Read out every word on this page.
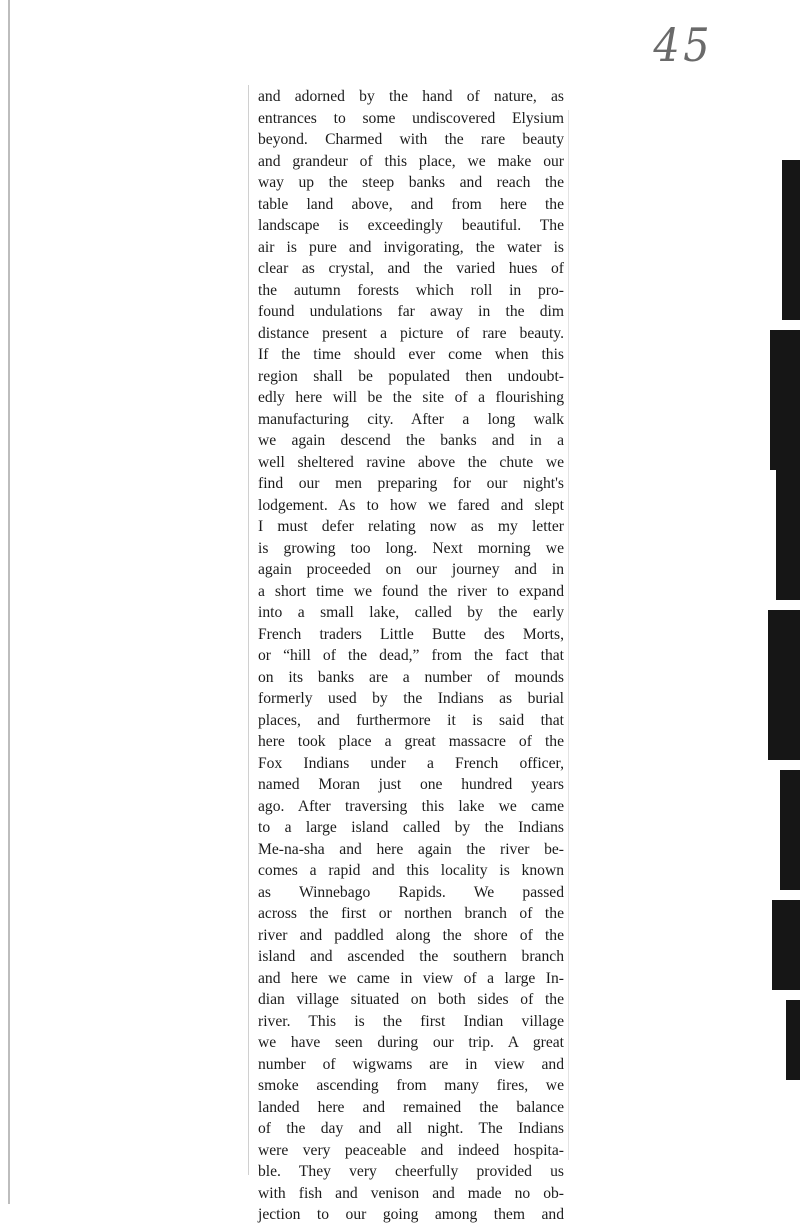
45
and adorned by the hand of nature, as
entrances to some undiscovered Elysium
beyond. Charmed with the rare beauty
and grandeur of this place, we make our
way up the steep banks and reach the
table land above, and from here the
landscape is exceedingly beautiful. The
air is pure and invigorating, the water is
clear as crystal, and the varied hues of
the autumn forests which roll in pro-
found undulations far away in the dim
distance present a picture of rare beauty.
If the time should ever come when this
region shall be populated then undoubt-
edly here will be the site of a flourishing
manufacturing city. After a long walk
we again descend the banks and in a
well sheltered ravine above the chute we
find our men preparing for our night's
lodgement. As to how we fared and slept
I must defer relating now as my letter
is growing too long. Next morning we
again proceeded on our journey and in
a short time we found the river to expand
into a small lake, called by the early
French traders Little Butte des Morts,
or “hill of the dead,” from the fact that
on its banks are a number of mounds
formerly used by the Indians as burial
places, and furthermore it is said that
here took place a great massacre of the
Fox Indians under a French officer,
named Moran just one hundred years
ago. After traversing this lake we came
to a large island called by the Indians
Me-na-sha and here again the river be-
comes a rapid and this locality is known
as Winnebago Rapids. We passed
across the first or northen branch of the
river and paddled along the shore of the
island and ascended the southern branch
and here we came in view of a large In-
dian village situated on both sides of the
river. This is the first Indian village
we have seen during our trip. A great
number of wigwams are in view and
smoke ascending from many fires, we
landed here and remained the balance
of the day and all night. The Indians
were very peaceable and indeed hospita-
ble. They very cheerfully provided us
with fish and venison and made no ob-
jection to our going among them and
